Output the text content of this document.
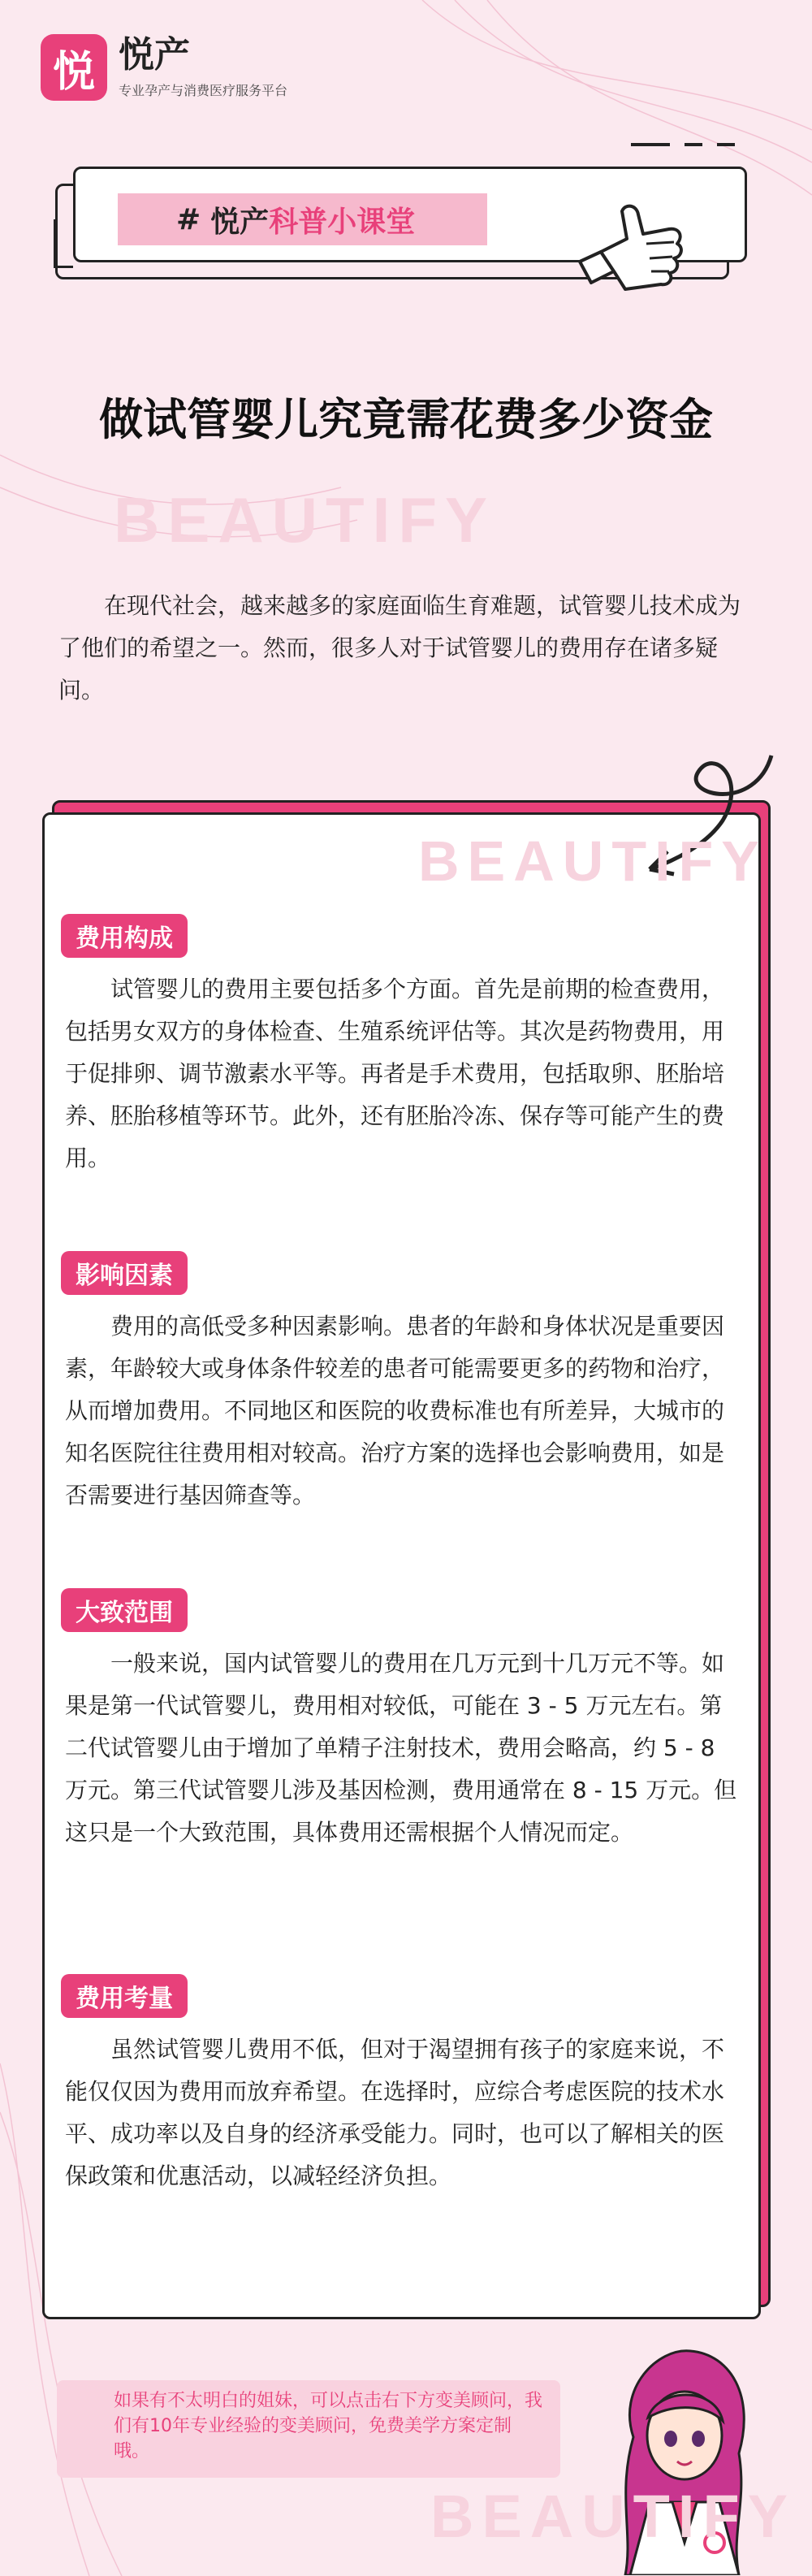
悦 悦产
专业孕产与消费医疗服务平台
# 悦产 科普小课堂
做试管婴儿究竟需花费多少资金
BEAUTIFY
在现代社会，越来越多的家庭面临生育难题，试管婴儿技术成为了他们的希望之一。然而，很多人对于试管婴儿的费用存在诸多疑问。
BEAUTIFY
费用构成

试管婴儿的费用主要包括多个方面。首先是前期的检查费用，包括男女双方的身体检查、生殖系统评估等。其次是药物费用，用于促排卵、调节激素水平等。再者是手术费用，包括取卵、胚胎培养、胚胎移植等环节。此外，还有胚胎冷冻、保存等可能产生的费用。

影响因素

费用的高低受多种因素影响。患者的年龄和身体状况是重要因素，年龄较大或身体条件较差的患者可能需要更多的药物和治疗，从而增加费用。不同地区和医院的收费标准也有所差异，大城市的知名医院往往费用相对较高。治疗方案的选择也会影响费用，如是否需要进行基因筛查等。

大致范围

一般来说，国内试管婴儿的费用在几万元到十几万元不等。如果是第一代试管婴儿，费用相对较低，可能在 3 - 5 万元左右。第二代试管婴儿由于增加了单精子注射技术，费用会略高，约 5 - 8 万元。第三代试管婴儿涉及基因检测，费用通常在 8 - 15 万元。但这只是一个大致范围，具体费用还需根据个人情况而定。

费用考量

虽然试管婴儿费用不低，但对于渴望拥有孩子的家庭来说，不能仅仅因为费用而放弃希望。在选择时，应综合考虑医院的技术水平、成功率以及自身的经济承受能力。同时，也可以了解相关的医保政策和优惠活动，以减轻经济负担。

如果有不太明白的姐妹，可以点击右下方变美顾问，我们有10年专业经验的变美顾问，免费美学方案定制哦。
BEAUTIFY
